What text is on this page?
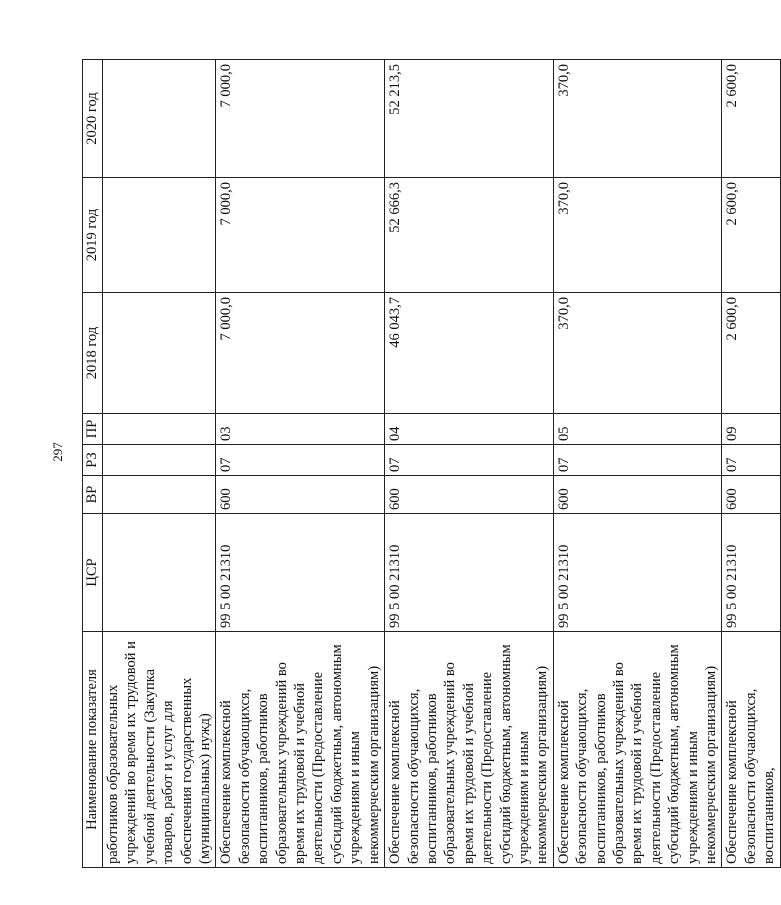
297
Наименование показателя	ЦСР	ВР	РЗ	ПР	2018 год	2019 год	2020 год
работников образовательных учреждений во время их трудовой и учебной деятельности (Закупка товаров, работ и услуг для обеспечения государственных (муниципальных) нужд)							
Обеспечение комплексной безопасности обучающихся, воспитанников, работников образовательных учреждений во время их трудовой и учебной деятельности (Предоставление субсидий бюджетным, автономным учреждениям и иным некоммерческим организациям)	99 5 00 21310	600	07	03	7 000,0	7 000,0	7 000,0
Обеспечение комплексной безопасности обучающихся, воспитанников, работников образовательных учреждений во время их трудовой и учебной деятельности (Предоставление субсидий бюджетным, автономным учреждениям и иным некоммерческим организациям)	99 5 00 21310	600	07	04	46 043,7	52 666,3	52 213,5
Обеспечение комплексной безопасности обучающихся, воспитанников, работников образовательных учреждений во время их трудовой и учебной деятельности (Предоставление субсидий бюджетным, автономным учреждениям и иным некоммерческим организациям)	99 5 00 21310	600	07	05	370,0	370,0	370,0
Обеспечение комплексной безопасности обучающихся, воспитанников,	99 5 00 21310	600	07	09	2 600,0	2 600,0	2 600,0
